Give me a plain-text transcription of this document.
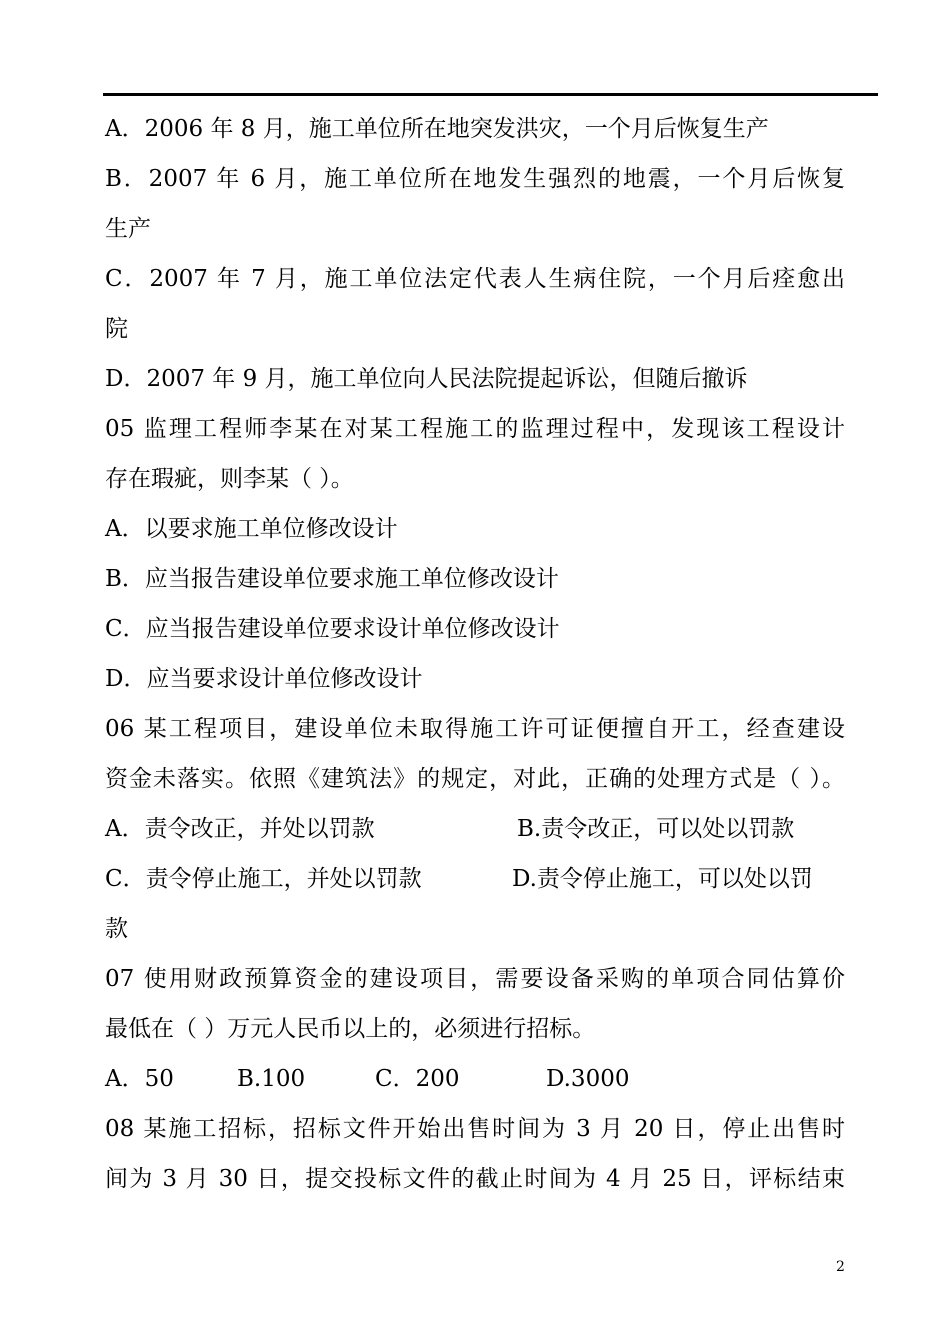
A．2006 年 8 月，施工单位所在地突发洪灾，一个月后恢复生产
B．2007 年 6 月，施工单位所在地发生强烈的地震，一个月后恢复
生产
C．2007 年 7 月，施工单位法定代表人生病住院，一个月后痊愈出
院
D．2007 年 9 月，施工单位向人民法院提起诉讼，但随后撤诉
05 监理工程师李某在对某工程施工的监理过程中，发现该工程设计
存在瑕疵，则李某（ ）。
A．以要求施工单位修改设计
B．应当报告建设单位要求施工单位修改设计
C．应当报告建设单位要求设计单位修改设计
D．应当要求设计单位修改设计
06 某工程项目，建设单位未取得施工许可证便擅自开工，经查建设
资金未落实。依照《建筑法》的规定，对此，正确的处理方式是（ ）。
A．责令改正，并处以罚款	B.责令改正，可以处以罚款
C．责令停止施工，并处以罚款	D.责令停止施工，可以处以罚
款
07 使用财政预算资金的建设项目，需要设备采购的单项合同估算价
最低在（ ）万元人民币以上的，必须进行招标。
A．50	B.100	C．200	D.3000
08 某施工招标，招标文件开始出售时间为 3 月 20 日，停止出售时
间为 3 月 30 日，提交投标文件的截止时间为 4 月 25 日，评标结束
2
